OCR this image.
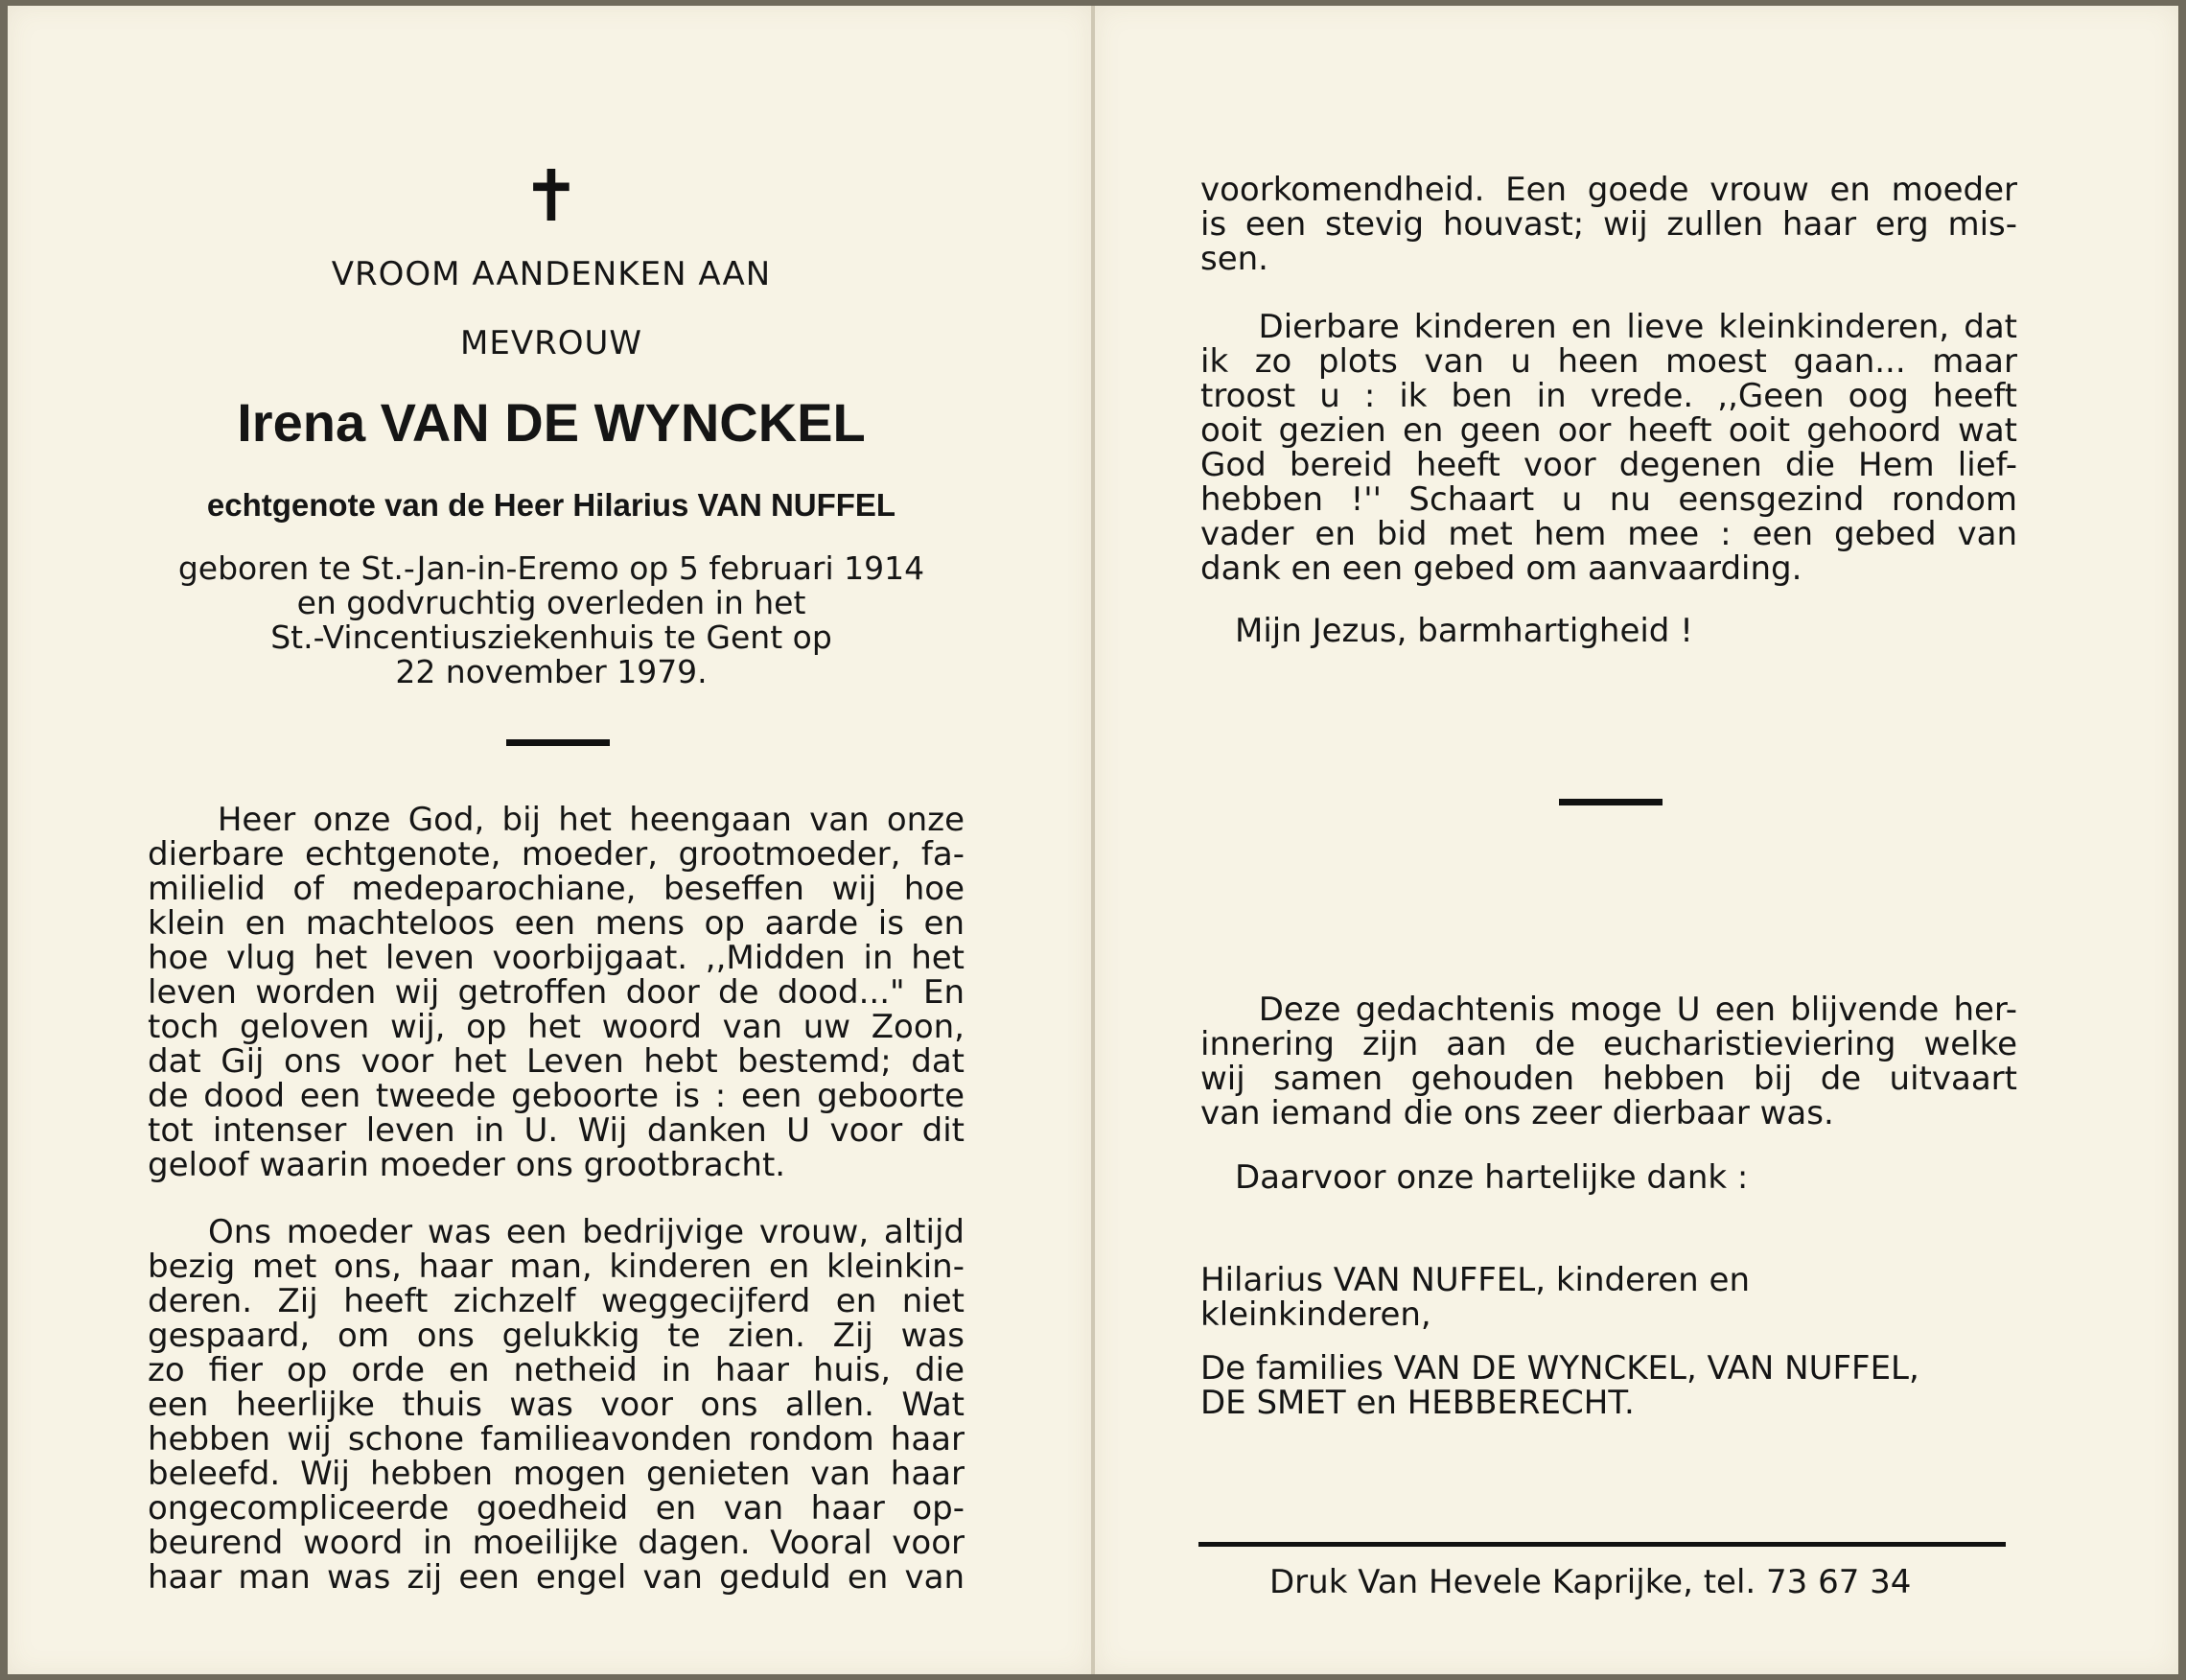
✝
VROOM AANDENKEN AAN
MEVROUW
Irena VAN DE WYNCKEL
echtgenote van de Heer Hilarius VAN NUFFEL
geboren te St.-Jan-in-Eremo op 5 februari 1914
en godvruchtig overleden in het
St.-Vincentiusziekenhuis te Gent op
22 november 1979.
Heer onze God, bij het heengaan van onze
dierbare echtgenote, moeder, grootmoeder, fa-
milielid of medeparochiane, beseffen wij hoe
klein en machteloos een mens op aarde is en
hoe vlug het leven voorbijgaat. ,,Midden in het
leven worden wij getroffen door de dood..." En
toch geloven wij, op het woord van uw Zoon,
dat Gij ons voor het Leven hebt bestemd; dat
de dood een tweede geboorte is : een geboorte
tot intenser leven in U. Wij danken U voor dit
geloof waarin moeder ons grootbracht.
Ons moeder was een bedrijvige vrouw, altijd
bezig met ons, haar man, kinderen en kleinkin-
deren. Zij heeft zichzelf weggecijferd en niet
gespaard, om ons gelukkig te zien. Zij was
zo fier op orde en netheid in haar huis, die
een heerlijke thuis was voor ons allen. Wat
hebben wij schone familieavonden rondom haar
beleefd. Wij hebben mogen genieten van haar
ongecompliceerde goedheid en van haar op-
beurend woord in moeilijke dagen. Vooral voor
haar man was zij een engel van geduld en van
voorkomendheid. Een goede vrouw en moeder
is een stevig houvast; wij zullen haar erg mis-
sen.
Dierbare kinderen en lieve kleinkinderen, dat
ik zo plots van u heen moest gaan... maar
troost u : ik ben in vrede. ,,Geen oog heeft
ooit gezien en geen oor heeft ooit gehoord wat
God bereid heeft voor degenen die Hem lief-
hebben !'' Schaart u nu eensgezind rondom
vader en bid met hem mee : een gebed van
dank en een gebed om aanvaarding.
Mijn Jezus, barmhartigheid !
Deze gedachtenis moge U een blijvende her-
innering zijn aan de eucharistieviering welke
wij samen gehouden hebben bij de uitvaart
van iemand die ons zeer dierbaar was.
Daarvoor onze hartelijke dank :
Hilarius VAN NUFFEL, kinderen en
kleinkinderen,
De families VAN DE WYNCKEL, VAN NUFFEL,
DE SMET en HEBBERECHT.
Druk Van Hevele Kaprijke, tel. 73 67 34
